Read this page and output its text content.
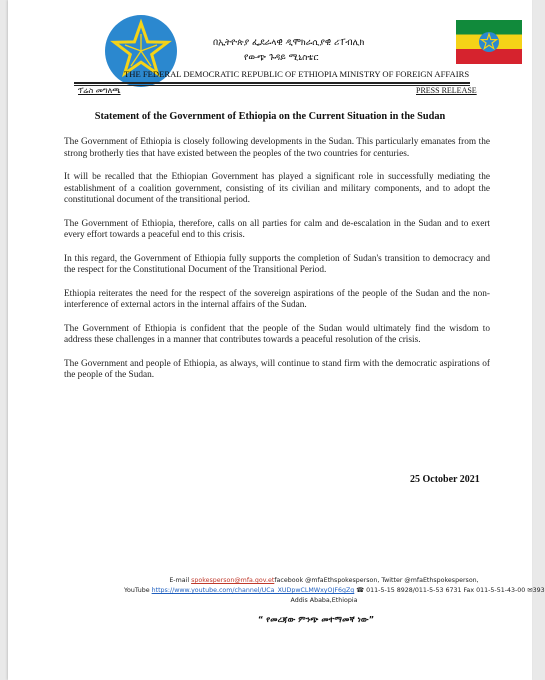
በኢትዮጵያ ፌደራላዊ ዲሞክራሲያዊ ሪፐብሊክ
የውጭ ጉዳይ ሚኒስቴር
THE FEDERAL DEMOCRATIC REPUBLIC OF ETHIOPIA MINISTRY OF FOREIGN AFFAIRS
ፕሬስ መግለጫ	PRESS RELEASE
Statement of the Government of Ethiopia on the Current Situation in the Sudan

The Government of Ethiopia is closely following developments in the Sudan. This particularly emanates from the strong brotherly ties that have existed between the peoples of the two countries for centuries.

It will be recalled that the Ethiopian Government has played a significant role in successfully mediating the establishment of a coalition government, consisting of its civilian and military components, and to adopt the constitutional document of the transitional period.

The Government of Ethiopia, therefore, calls on all parties for calm and de-escalation in the Sudan and to exert every effort towards a peaceful end to this crisis.

In this regard, the Government of Ethiopia fully supports the completion of Sudan's transition to democracy and the respect for the Constitutional Document of the Transitional Period.

Ethiopia reiterates the need for the respect of the sovereign aspirations of the people of the Sudan and the non-interference of external actors in the internal affairs of the Sudan.

The Government of Ethiopia is confident that the people of the Sudan would ultimately find the wisdom to address these challenges in a manner that contributes towards a peaceful resolution of the crisis.

The Government and people of Ethiopia, as always, will continue to stand firm with the democratic aspirations of the people of the Sudan.

25 October 2021
E-mail spokesperson@mfa.gov.etfacebook @mfaEthspokesperson, Twitter @mfaEthspokesperson,
YouTube https://www.youtube.com/channel/UCa_XUDpwCLMWxyOJF6gZg ☎ 011-5-15 8928/011-5-53 6731 Fax 011-5-51-43-00 ✉393
Addis Ababa,Ethiopia
“ የመረጃው ምንጭ መተማመኛ ነው”
